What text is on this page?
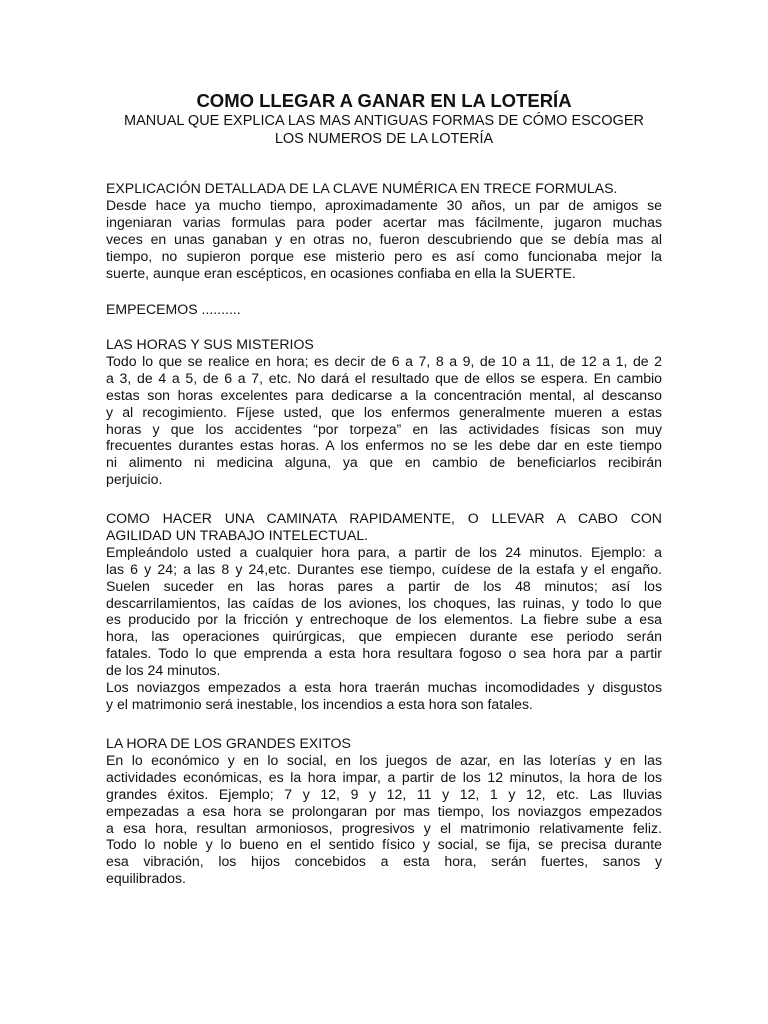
COMO LLEGAR A GANAR EN LA LOTERÍA
MANUAL QUE EXPLICA LAS MAS ANTIGUAS FORMAS DE CÓMO ESCOGER
LOS NUMEROS DE LA LOTERÍA
EXPLICACIÓN DETALLADA DE LA CLAVE NUMÉRICA EN TRECE FORMULAS.
Desde hace ya mucho tiempo, aproximadamente 30 años, un par de amigos se
ingeniaran varias formulas para poder acertar mas fácilmente, jugaron muchas
veces en unas ganaban y en otras no, fueron descubriendo que se debía mas al
tiempo, no supieron porque ese misterio pero es así como funcionaba mejor la
suerte, aunque eran escépticos, en ocasiones confiaba en ella la SUERTE.
EMPECEMOS ..........
LAS HORAS Y SUS MISTERIOS
Todo lo que se realice en hora; es decir de 6 a 7, 8 a 9, de 10 a 11, de 12 a 1, de 2
a 3, de 4 a 5, de 6 a 7, etc. No dará el resultado que de ellos se espera. En cambio
estas son horas excelentes para dedicarse a la concentración mental, al descanso
y al recogimiento. Fíjese usted, que los enfermos generalmente mueren a estas
horas y que los accidentes “por torpeza” en las actividades físicas son muy
frecuentes durantes estas horas. A los enfermos no se les debe dar en este tiempo
ni alimento ni medicina alguna, ya que en cambio de beneficiarlos recibirán
perjuicio.
COMO HACER UNA CAMINATA RAPIDAMENTE, O LLEVAR A CABO CON
AGILIDAD UN TRABAJO INTELECTUAL.
Empleándolo usted a cualquier hora para, a partir de los 24 minutos. Ejemplo: a
las 6 y 24; a las 8 y 24,etc. Durantes ese tiempo, cuídese de la estafa y el engaño.
Suelen suceder en las horas pares a partir de los 48 minutos; así los
descarrilamientos, las caídas de los aviones, los choques, las ruinas, y todo lo que
es producido por la fricción y entrechoque de los elementos. La fiebre sube a esa
hora, las operaciones quirúrgicas, que empiecen durante ese periodo serán
fatales. Todo lo que emprenda a esta hora resultara fogoso o sea hora par a partir
de los 24 minutos.
Los noviazgos empezados a esta hora traerán muchas incomodidades y disgustos
y el matrimonio será inestable, los incendios a esta hora son fatales.
LA HORA DE LOS GRANDES EXITOS
En lo económico y en lo social, en los juegos de azar, en las loterías y en las
actividades económicas, es la hora impar, a partir de los 12 minutos, la hora de los
grandes éxitos. Ejemplo; 7 y 12, 9 y 12, 11 y 12, 1 y 12, etc. Las lluvias
empezadas a esa hora se prolongaran por mas tiempo, los noviazgos empezados
a esa hora, resultan armoniosos, progresivos y el matrimonio relativamente feliz.
Todo lo noble y lo bueno en el sentido físico y social, se fija, se precisa durante
esa vibración, los hijos concebidos a esta hora, serán fuertes, sanos y
equilibrados.
